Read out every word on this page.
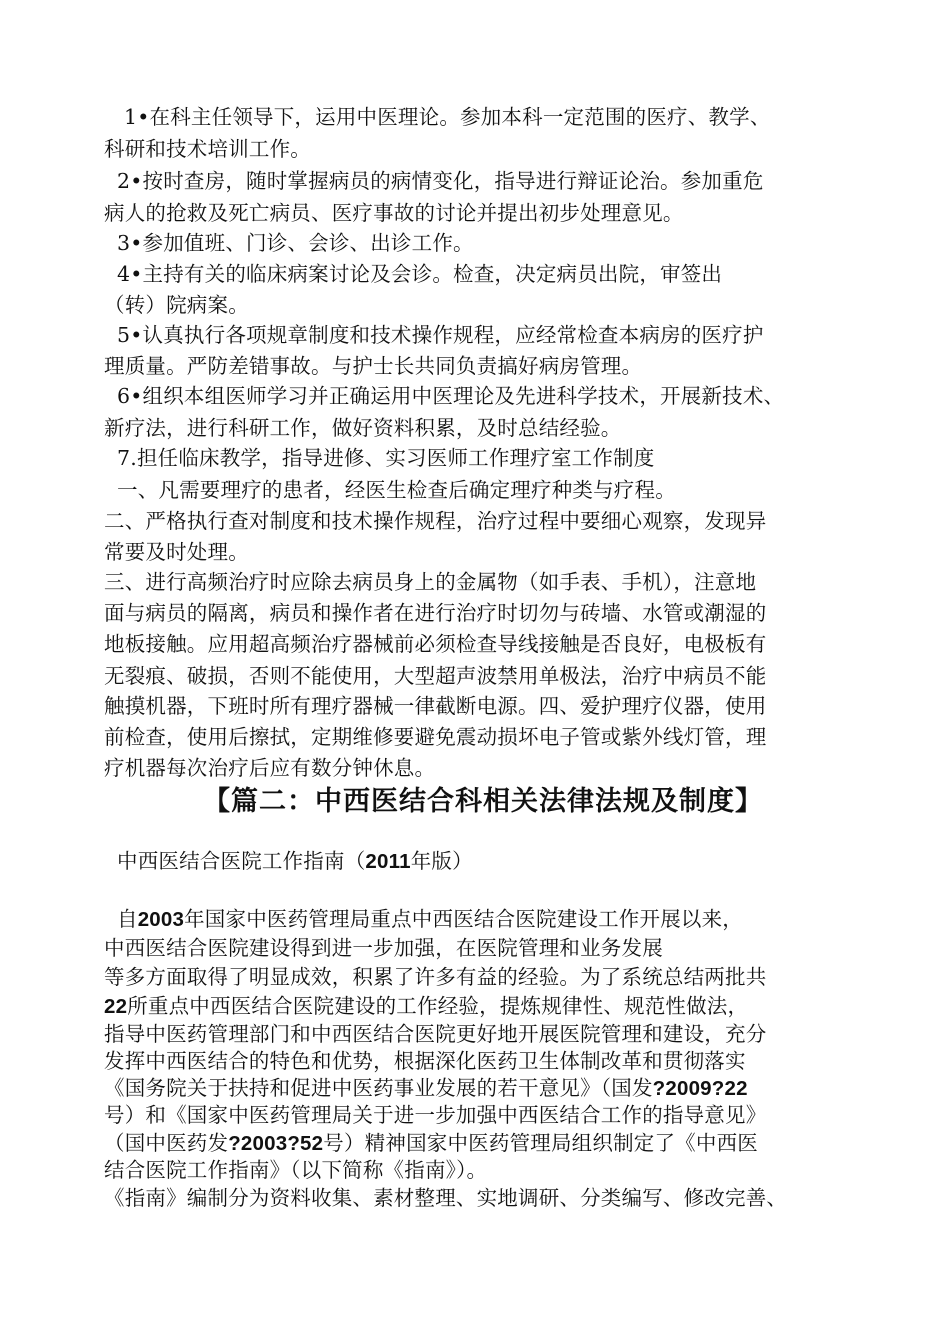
1•在科主任领导下，运用中医理论。参加本科一定范围的医疗、教学、
科研和技术培训工作。
2•按时查房，随时掌握病员的病情变化，指导进行辩证论治。参加重危
病人的抢救及死亡病员、医疗事故的讨论并提出初步处理意见。
3•参加值班、门诊、会诊、出诊工作。
4•主持有关的临床病案讨论及会诊。检查，决定病员出院，审签出
（转）院病案。
5•认真执行各项规章制度和技术操作规程，应经常检查本病房的医疗护
理质量。严防差错事故。与护士长共同负责搞好病房管理。
6•组织本组医师学习并正确运用中医理论及先进科学技术，开展新技术、
新疗法，进行科研工作，做好资料积累，及时总结经验。
7.担任临床教学，指导进修、实习医师工作理疗室工作制度
一、凡需要理疗的患者，经医生检查后确定理疗种类与疗程。
二、严格执行查对制度和技术操作规程，治疗过程中要细心观察，发现异
常要及时处理。
三、进行高频治疗时应除去病员身上的金属物（如手表、手机），注意地
面与病员的隔离，病员和操作者在进行治疗时切勿与砖墙、水管或潮湿的
地板接触。应用超高频治疗器械前必须检查导线接触是否良好，电极板有
无裂痕、破损，否则不能使用，大型超声波禁用单极法，治疗中病员不能
触摸机器，下班时所有理疗器械一律截断电源。四、爱护理疗仪器，使用
前检查，使用后擦拭，定期维修要避免震动损坏电子管或紫外线灯管，理
疗机器每次治疗后应有数分钟休息。
【篇二：中西医结合科相关法律法规及制度】
中西医结合医院工作指南（2011年版）
自2003年国家中医药管理局重点中西医结合医院建设工作开展以来，
中西医结合医院建设得到进一步加强，在医院管理和业务发展
等多方面取得了明显成效，积累了许多有益的经验。为了系统总结两批共
22所重点中西医结合医院建设的工作经验，提炼规律性、规范性做法，
指导中医药管理部门和中西医结合医院更好地开展医院管理和建设，充分
发挥中西医结合的特色和优势，根据深化医药卫生体制改革和贯彻落实
《国务院关于扶持和促进中医药事业发展的若干意见》（国发?2009?22
号）和《国家中医药管理局关于进一步加强中西医结合工作的指导意见》
（国中医药发?2003?52号）精神国家中医药管理局组织制定了《中西医
结合医院工作指南》（以下简称《指南》）。
《指南》编制分为资料收集、素材整理、实地调研、分类编写、修改完善、
